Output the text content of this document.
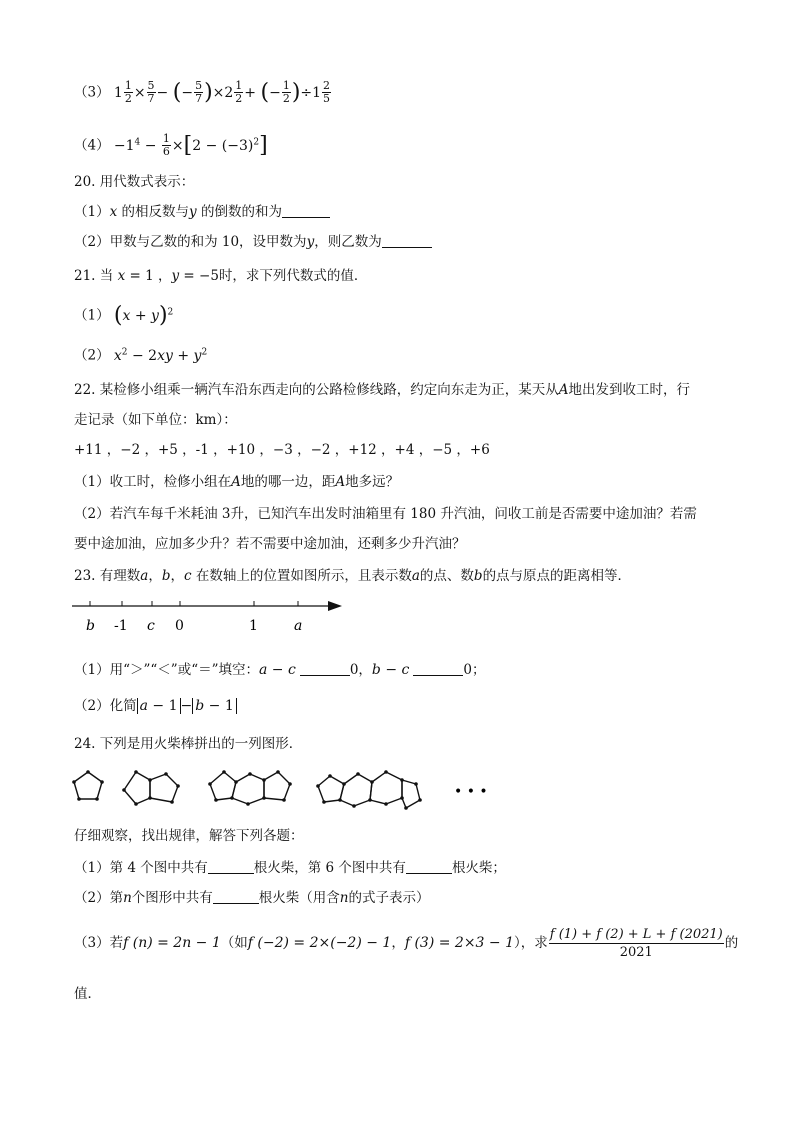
（3） $1 \frac{1}{2} \times \frac{5}{7}$ − (− $\frac{5}{7} )\times 2 \frac{1}{2}$ + (− $\frac{1}{2} )\div 1 \frac{2}{5}$
$(4) -1^4 - \frac{1}{6} \times[2 - (-3)^2]$
20. 用代数式表示：
（1）x 的相反数与y 的倒数的和为
（2）甲数与乙数的和为 10，设甲数为y，则乙数为
21. 当 x = 1 ，y = −5时，求下列代数式的值．
（1） $(x + y)^2$
（2） $x^2 - 2xy + y^2$
22. 某检修小组乘一辆汽车沿东西走向的公路检修线路，约定向东走为正，某天从A地出发到收工时，行
走记录（如下单位：km）：
+11 ，−2 ，+5 ，-1 ，+10 ，−3 ，−2 ，+12 ，+4 ，−5 ，+6
（1）收工时，检修小组在A地的哪一边，距A地多远？
（2）若汽车每千米耗油 3升，已知汽车出发时油箱里有 180 升汽油，问收工前是否需要中途加油？若需
要中途加油，应加多少升？若不需要中途加油，还剩多少升汽油？
23. 有理数a，b，c 在数轴上的位置如图所示，且表示数a的点、数b的点与原点的距离相等．
b -1 c 0	1	a
（1）用“＞”“＜”或“＝”填空：a − c	0，b − c	0；
（2）化简 a − 1 − b − 1
24. 下列是用火柴棒拼出的一列图形．
• • •
仔细观察，找出规律，解答下列各题：
（1）第 4 个图中共有	根火柴，第 6 个图中共有	根火柴；
（2）第n个图形中共有	根火柴（用含n的式子表示）
（3）若f (n) = 2n − 1（如f (−2) = 2×(−2) − 1，f (3) = 2×3 − 1），求 $\frac{f (1) + f (2) + L + f (2021)}{2021}$ 的
值．
